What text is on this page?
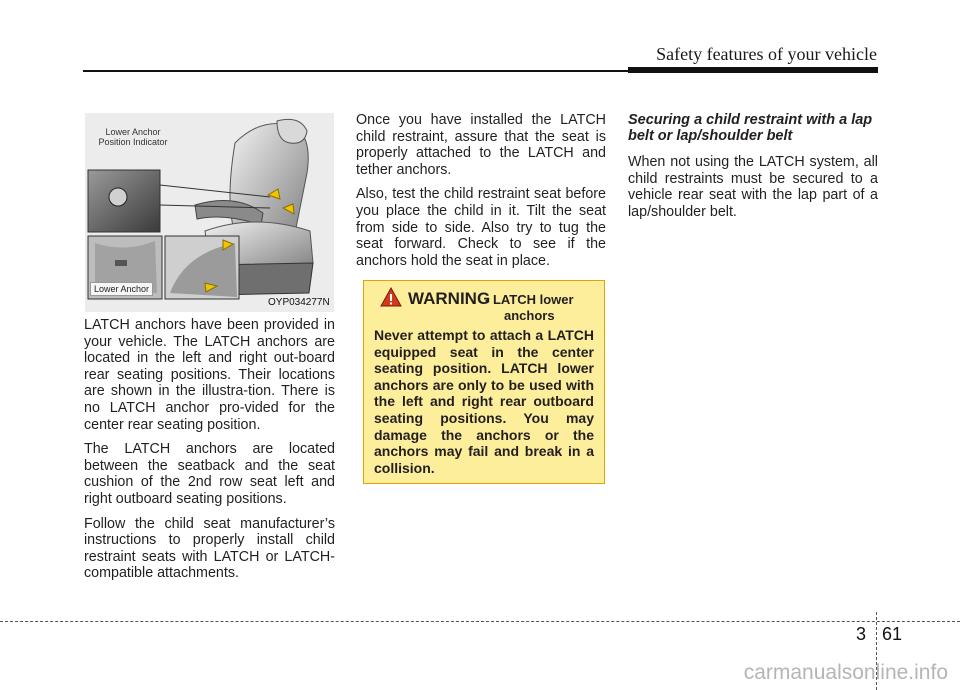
Safety features of your vehicle
Lower Anchor
Position Indicator
Lower Anchor
OYP034277N

LATCH anchors have been provided in your vehicle. The LATCH anchors are located in the left and right out-board rear seating positions. Their locations are shown in the illustra-tion. There is no LATCH anchor pro-vided for the center rear seating position.

The LATCH anchors are located between the seatback and the seat cushion of the 2nd row seat left and right outboard seating positions.

Follow the child seat manufacturer’s instructions to properly install child restraint seats with LATCH or LATCH-compatible attachments.

Once you have installed the LATCH child restraint, assure that the seat is properly attached to the LATCH and tether anchors.

Also, test the child restraint seat before you place the child in it. Tilt the seat from side to side. Also try to tug the seat forward. Check to see if the anchors hold the seat in place.

WARNING
- LATCH lower
anchors

Never attempt to attach a LATCH equipped seat in the center seating position. LATCH lower anchors are only to be used with the left and right rear outboard seating positions. You may damage the anchors or the anchors may fail and break in a collision.

Securing a child restraint with a lap belt or lap/shoulder belt

When not using the LATCH system, all child restraints must be secured to a vehicle rear seat with the lap part of a lap/shoulder belt.

3 61
carmanualsonline.info
